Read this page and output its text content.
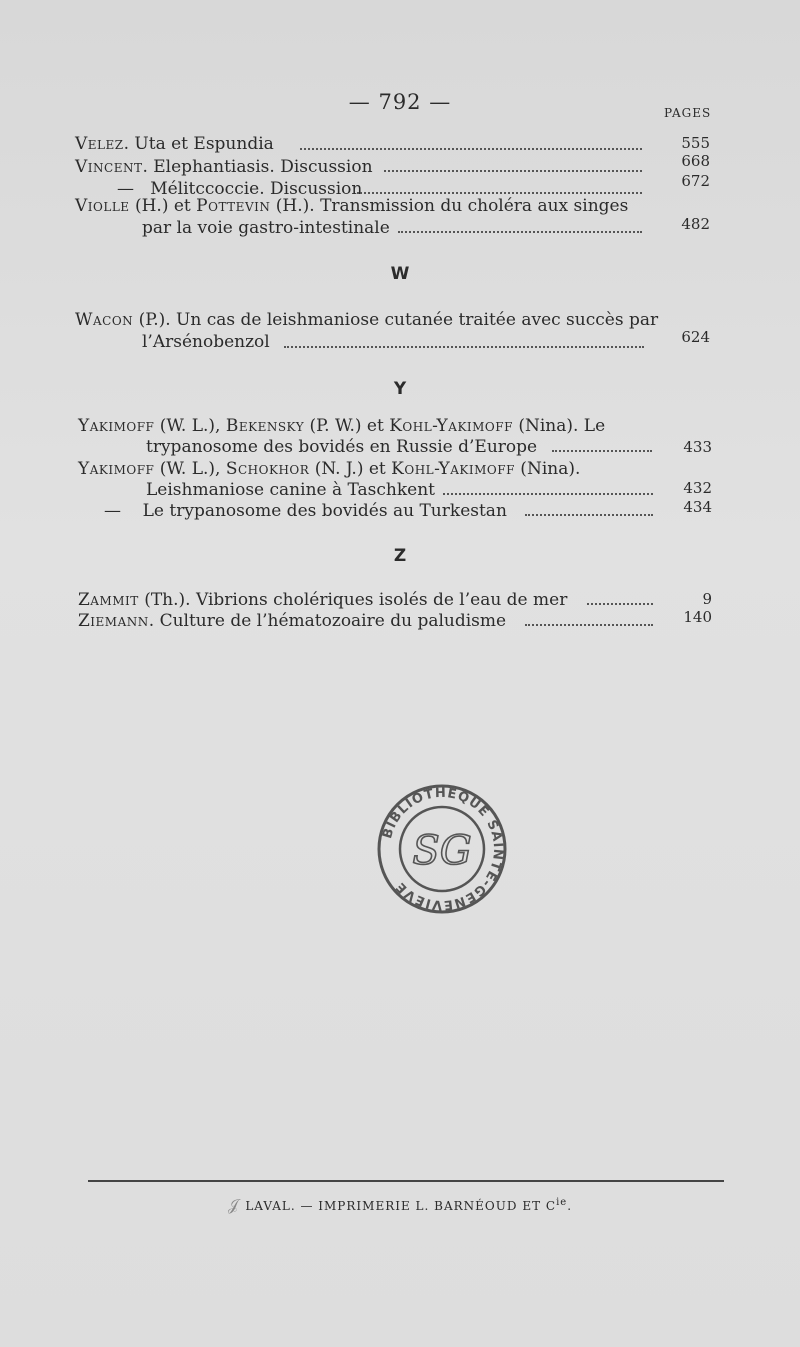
— 792 —	PAGES
Velez. Uta et Espundia	555
Vincent. Elephantiasis. Discussion	668
— Mélitccoccie. Discussion	672
Violle (H.) et Pottevin (H.). Transmission du choléra aux singes
par la voie gastro-intestinale	482
W
Wacon (P.). Un cas de leishmaniose cutanée traitée avec succès par
l’Arsénobenzol	624
Y
Yakimoff (W. L.), Bekensky (P. W.) et Kohl-Yakimoff (Nina). Le
trypanosome des bovidés en Russie d’Europe	433
Yakimoff (W. L.), Schokhor (N. J.) et Kohl-Yakimoff (Nina).
Leishmaniose canine à Taschkent	432
— Le trypanosome des bovidés au Turkestan	434
Z
Zammit (Th.). Vibrions cholériques isolés de l’eau de mer	9
Ziemann. Culture de l’hématozoaire du paludisme	140
BIBLIOTHÈQUE SAINTE-GENEVIÈVE
SG
𝒥 LAVAL. — IMPRIMERIE L. BARNÉOUD ET $C^{ie}$.
